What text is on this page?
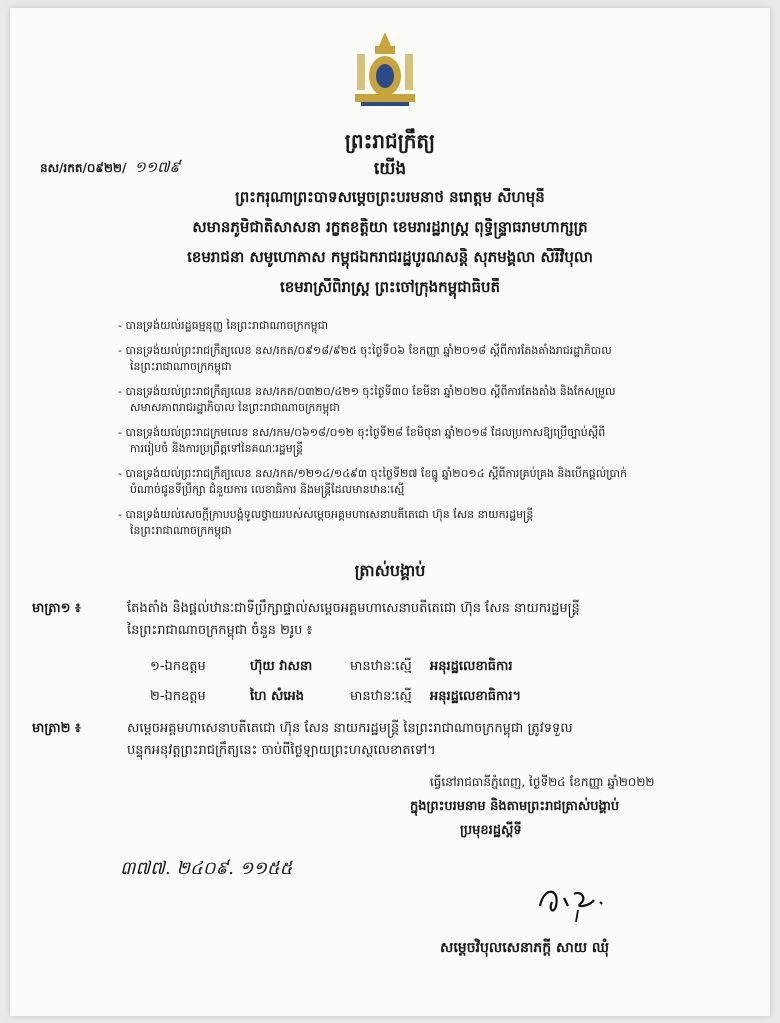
ព្រះរាជក្រឹត្យ
នស/រកត/០៩២២/ ១១៧៩	យើង
ព្រះករុណាព្រះបាទសម្ដេចព្រះបរមនាថ នរោត្តម សីហមុនី
សមានភូមិជាតិសាសនា រក្ខតខត្តិយា ខេមរារដ្ឋរាស្ត្រ ពុទ្ធិន្ទ្រាធរាមហាក្សត្រ
ខេមរាជនា សមូហោភាស កម្ពុជឯករាជរដ្ឋបូរណសន្តិ សុភមង្គលា សិរីវិបុលា
ខេមរាស្រីពិរាស្ត្រ ព្រះចៅក្រុងកម្ពុជាធិបតី
- បានទ្រង់យល់រដ្ឋធម្មនុញ្ញ នៃព្រះរាជាណាចក្រកម្ពុជា
- បានទ្រង់យល់ព្រះរាជក្រឹត្យលេខ នស/រកត/០៩១៨/៩២៥ ចុះថ្ងៃទី០៦ ខែកញ្ញា ឆ្នាំ២០១៨ ស្ដីពីការតែងតាំងរាជរដ្ឋាភិបាល
នៃព្រះរាជាណាចក្រកម្ពុជា
- បានទ្រង់យល់ព្រះរាជក្រឹត្យលេខ នស/រកត/០៣២០/៤២១ ចុះថ្ងៃទី៣០ ខែមីនា ឆ្នាំ២០២០ ស្ដីពីការតែងតាំង និងកែសម្រួល
សមាសភាពរាជរដ្ឋាភិបាល នៃព្រះរាជាណាចក្រកម្ពុជា
- បានទ្រង់យល់ព្រះរាជក្រមលេខ នស/រកម/០៦១៨/០១២ ចុះថ្ងៃទី២៨ ខែមិថុនា ឆ្នាំ២០១៨ ដែលប្រកាសឱ្យប្រើច្បាប់ស្ដីពី
ការរៀបចំ និងការប្រព្រឹត្តទៅនៃគណៈរដ្ឋមន្ត្រី
- បានទ្រង់យល់ព្រះរាជក្រឹត្យលេខ នស/រកត/១២១៤/១៤៩៣ ចុះថ្ងៃទី២៧ ខែធ្នូ ឆ្នាំ២០១៤ ស្ដីពីការគ្រប់គ្រង និងបើកផ្ដល់ប្រាក់
បំណាច់ជូនទីប្រឹក្សា ជំនួយការ លេខាធិការ និងមន្ត្រីដែលមានឋានៈស្មើ
- បានទ្រង់យល់សេចក្ដីក្រាបបង្គំទូលថ្វាយរបស់សម្ដេចអគ្គមហាសេនាបតីតេជោ ហ៊ុន សែន នាយករដ្ឋមន្ត្រី
នៃព្រះរាជាណាចក្រកម្ពុជា
ត្រាស់បង្គាប់
មាត្រា១ ៖	តែងតាំង និងផ្ដល់ឋានៈជាទីប្រឹក្សាផ្ទាល់សម្ដេចអគ្គមហាសេនាបតីតេជោ ហ៊ុន សែន នាយករដ្ឋមន្ត្រី
នៃព្រះរាជាណាចក្រកម្ពុជា ចំនួន ២រូប ៖
១-ឯកឧត្តម	ហ៊ុយ វាសនា	មានឋានៈស្មើ អនុរដ្ឋលេខាធិការ
២-ឯកឧត្តម	ហៃ សំអេង	មានឋានៈស្មើ អនុរដ្ឋលេខាធិការ។
មាត្រា២ ៖	សម្ដេចអគ្គមហាសេនាបតីតេជោ ហ៊ុន សែន នាយករដ្ឋមន្ត្រី នៃព្រះរាជាណាចក្រកម្ពុជា ត្រូវទទួល
បន្ទុកអនុវត្តព្រះរាជក្រឹត្យនេះ ចាប់ពីថ្ងៃឡាយព្រះហស្ថលេខាតទៅ។
ធ្វើនៅរាជធានីភ្នំពេញ, ថ្ងៃទី២៤ ខែកញ្ញា ឆ្នាំ២០២២
ក្នុងព្រះបរមនាម និងតាមព្រះរាជត្រាស់បង្គាប់
ប្រមុខរដ្ឋស្ដីទី
៣៧៧. ២៤០៩. ១១៥៥
សម្ដេចវិបុលសេនាភក្ដី សាយ ឈុំ
